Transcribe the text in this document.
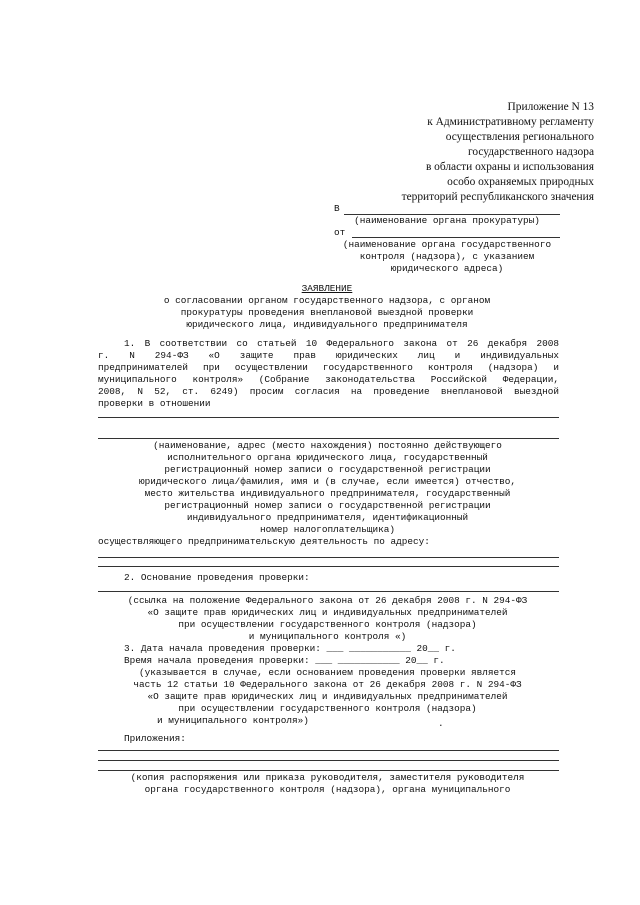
Приложение N 13
к Административному регламенту
осуществления регионального
государственного надзора
в области охраны и использования
особо охраняемых природных
территорий республиканского значения
В
(наименование органа прокуратуры)
от
(наименование органа государственного
контроля (надзора), с указанием
юридического адреса)
ЗАЯВЛЕНИЕ
о согласовании органом государственного надзора, с органом
прокуратуры проведения внеплановой выездной проверки
юридического лица, индивидуального предпринимателя
1. В соответствии со статьей 10 Федерального закона от 26 декабря 2008
г. N 294-ФЗ «О защите прав юридических лиц и индивидуальных
предпринимателей при осуществлении государственного контроля (надзора) и
муниципального контроля» (Собрание законодательства Российской Федерации,
2008, N 52, ст. 6249) просим согласия на проведение внеплановой выездной
проверки в отношении
(наименование, адрес (место нахождения) постоянно действующего
исполнительного органа юридического лица, государственный
регистрационный номер записи о государственной регистрации
юридического лица/фамилия, имя и (в случае, если имеется) отчество,
место жительства индивидуального предпринимателя, государственный
регистрационный номер записи о государственной регистрации
индивидуального предпринимателя, идентификационный
номер налогоплательщика)
осуществляющего предпринимательскую деятельность по адресу:
2. Основание проведения проверки:
(ссылка на положение Федерального закона от 26 декабря 2008 г. N 294-ФЗ
«О защите прав юридических лиц и индивидуальных предпринимателей
при осуществлении государственного контроля (надзора)
и муниципального контроля «)
3. Дата начала проведения проверки: ___ ___________ 20__ г.
Время начала проведения проверки: ___ ___________ 20__ г.
(указывается в случае, если основанием проведения проверки является
часть 12 статьи 10 Федерального закона от 26 декабря 2008 г. N 294-ФЗ
«О защите прав юридических лиц и индивидуальных предпринимателей
при осуществлении государственного контроля (надзора)
и муниципального контроля»)	.
Приложения:
(копия распоряжения или приказа руководителя, заместителя руководителя
органа государственного контроля (надзора), органа муниципального
